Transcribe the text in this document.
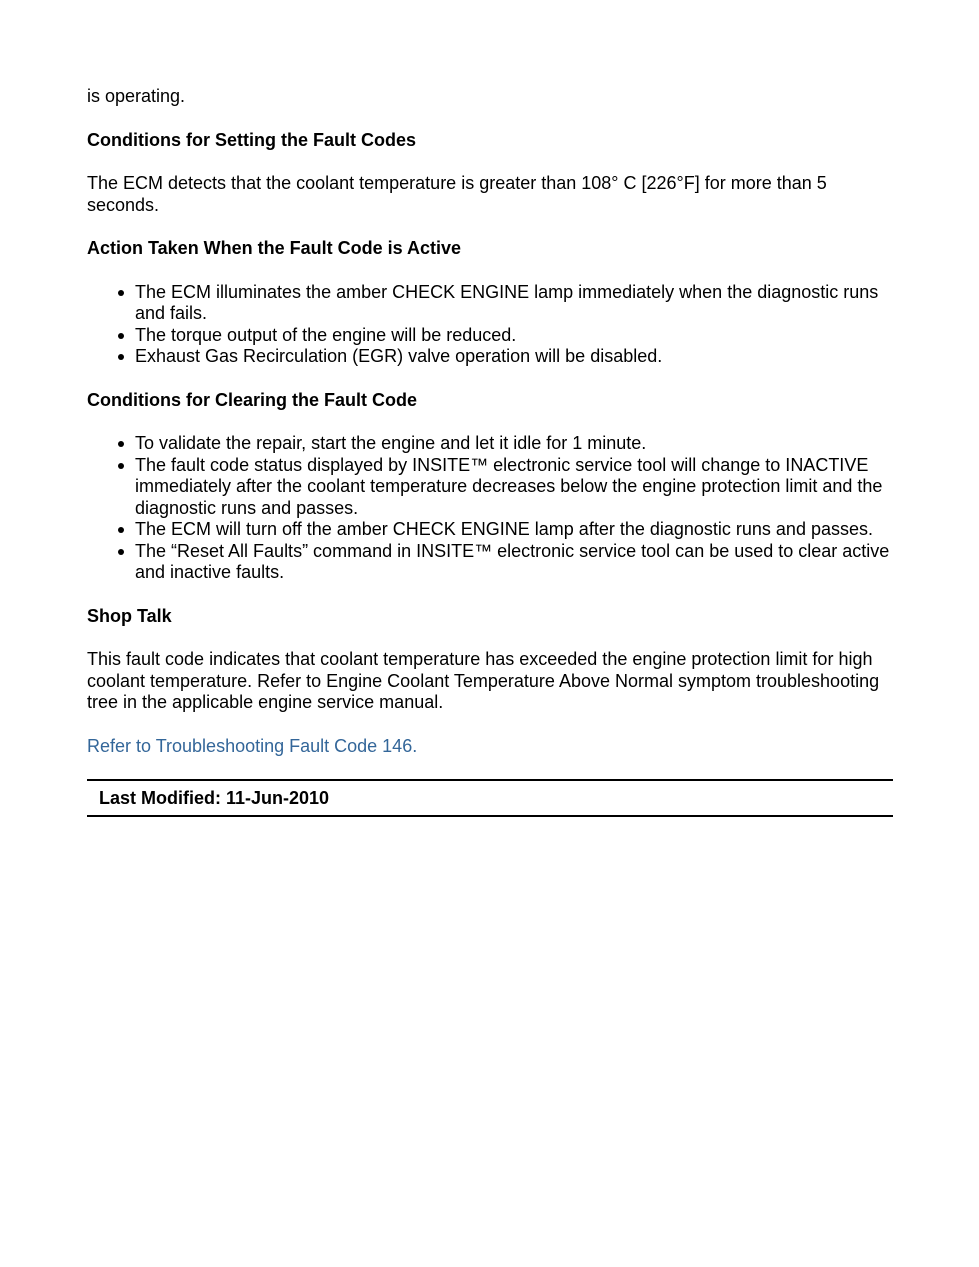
is operating.

Conditions for Setting the Fault Codes

The ECM detects that the coolant temperature is greater than 108° C [226°F] for more than 5 seconds.

Action Taken When the Fault Code is Active

The ECM illuminates the amber CHECK ENGINE lamp immediately when the diagnostic runs and fails.
The torque output of the engine will be reduced.
Exhaust Gas Recirculation (EGR) valve operation will be disabled.

Conditions for Clearing the Fault Code

To validate the repair, start the engine and let it idle for 1 minute.
The fault code status displayed by INSITE™ electronic service tool will change to INACTIVE immediately after the coolant temperature decreases below the engine protection limit and the diagnostic runs and passes.
The ECM will turn off the amber CHECK ENGINE lamp after the diagnostic runs and passes.
The “Reset All Faults” command in INSITE™ electronic service tool can be used to clear active and inactive faults.

Shop Talk

This fault code indicates that coolant temperature has exceeded the engine protection limit for high coolant temperature. Refer to Engine Coolant Temperature Above Normal symptom troubleshooting tree in the applicable engine service manual.

Refer to Troubleshooting Fault Code 146.

Last Modified: 11-Jun-2010
